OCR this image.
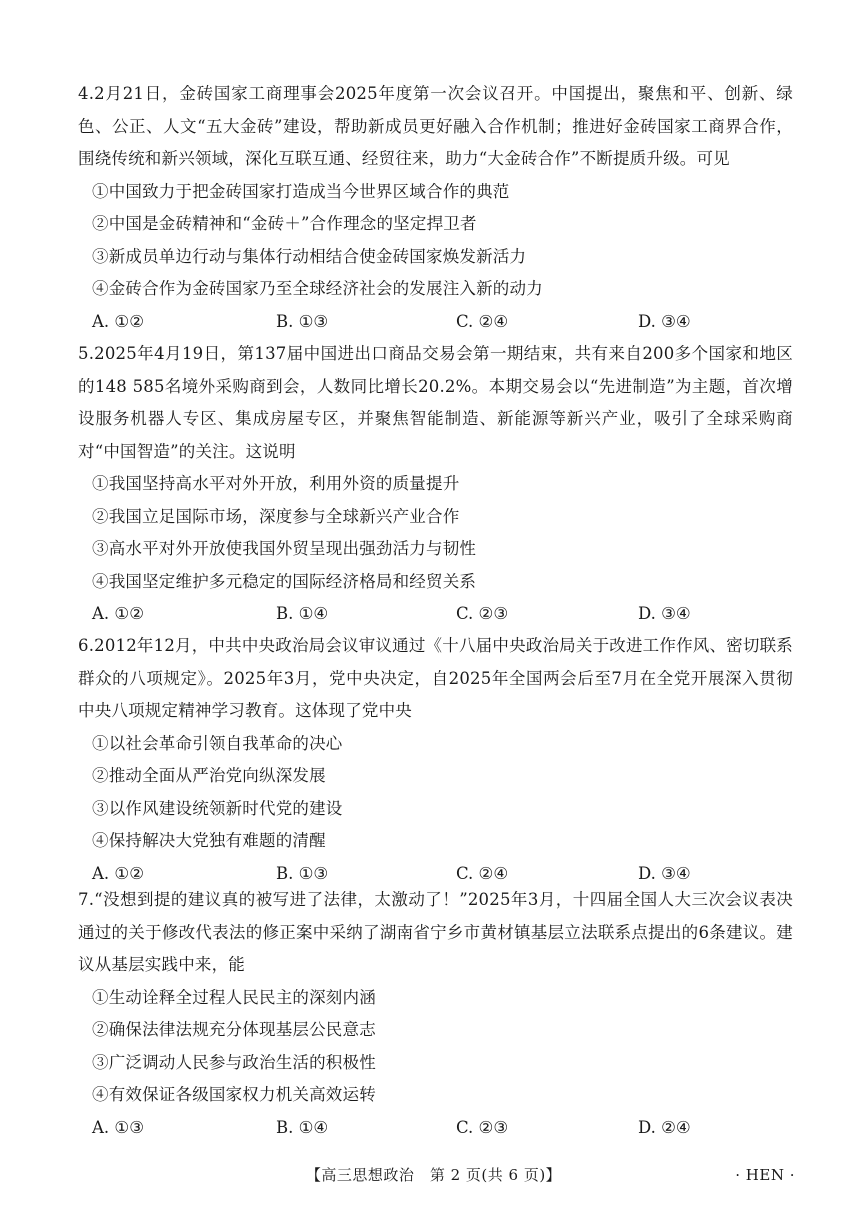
4.2月21日，金砖国家工商理事会2025年度第一次会议召开。中国提出，聚焦和平、创新、绿色、公正、人文“五大金砖”建设，帮助新成员更好融入合作机制；推进好金砖国家工商界合作，围绕传统和新兴领域，深化互联互通、经贸往来，助力“大金砖合作”不断提质升级。可见

①中国致力于把金砖国家打造成当今世界区域合作的典范

②中国是金砖精神和“金砖＋”合作理念的坚定捍卫者

③新成员单边行动与集体行动相结合使金砖国家焕发新活力

④金砖合作为金砖国家乃至全球经济社会的发展注入新的动力

A. ①②	B. ①③	C. ②④	D. ③④

5.2025年4月19日，第137届中国进出口商品交易会第一期结束，共有来自200多个国家和地区的148 585名境外采购商到会，人数同比增长20.2%。本期交易会以“先进制造”为主题，首次增设服务机器人专区、集成房屋专区，并聚焦智能制造、新能源等新兴产业，吸引了全球采购商对“中国智造”的关注。这说明

①我国坚持高水平对外开放，利用外资的质量提升

②我国立足国际市场，深度参与全球新兴产业合作

③高水平对外开放使我国外贸呈现出强劲活力与韧性

④我国坚定维护多元稳定的国际经济格局和经贸关系

A. ①②	B. ①④	C. ②③	D. ③④

6.2012年12月，中共中央政治局会议审议通过《十八届中央政治局关于改进工作作风、密切联系群众的八项规定》。2025年3月，党中央决定，自2025年全国两会后至7月在全党开展深入贯彻中央八项规定精神学习教育。这体现了党中央

①以社会革命引领自我革命的决心

②推动全面从严治党向纵深发展

③以作风建设统领新时代党的建设

④保持解决大党独有难题的清醒

A. ①②	B. ①③	C. ②④	D. ③④

7.“没想到提的建议真的被写进了法律，太激动了！”2025年3月，十四届全国人大三次会议表决通过的关于修改代表法的修正案中采纳了湖南省宁乡市黄材镇基层立法联系点提出的6条建议。建议从基层实践中来，能

①生动诠释全过程人民民主的深刻内涵

②确保法律法规充分体现基层公民意志

③广泛调动人民参与政治生活的积极性

④有效保证各级国家权力机关高效运转

A. ①③	B. ①④	C. ②③	D. ②④
【高三思想政治　第 2 页(共 6 页)】	· HEN ·
